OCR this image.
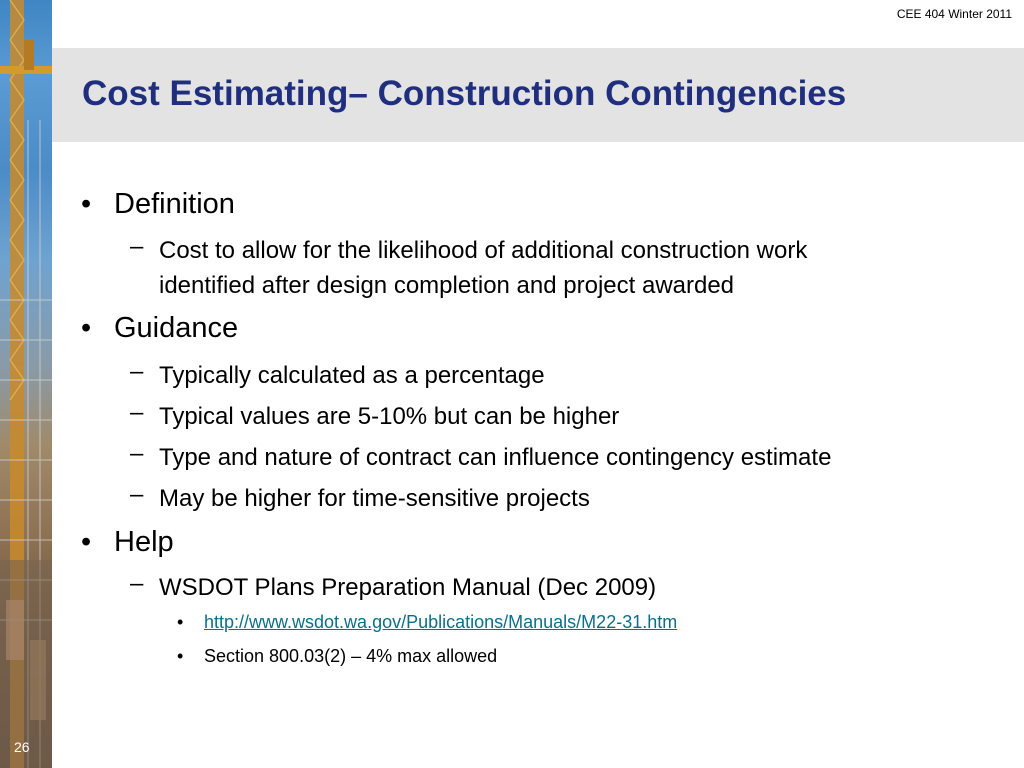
26
CEE 404 Winter 2011
Cost Estimating– Construction Contingencies
• Definition
– Cost to allow for the likelihood of additional construction work
identified after design completion and project awarded
• Guidance
– Typically calculated as a percentage
– Typical values are 5-10% but can be higher
– Type and nature of contract can influence contingency estimate
– May be higher for time-sensitive projects
• Help
– WSDOT Plans Preparation Manual (Dec 2009)
• http://www.wsdot.wa.gov/Publications/Manuals/M22-31.htm
• Section 800.03(2) – 4% max allowed
